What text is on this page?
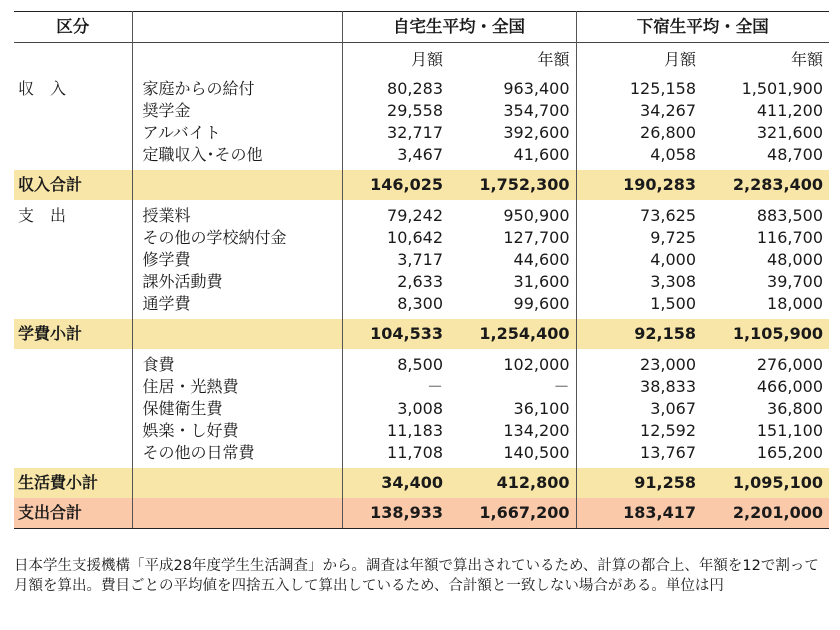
区分		自宅生平均・全国		下宿生平均・全国	
		月額	年額	月額	年額
収　入	家庭からの給付	80,283	963,400	125,158	1,501,900
	奨学金	29,558	354,700	34,267	411,200
	アルバイト	32,717	392,600	26,800	321,600
	定職収入･その他	3,467	41,600	4,058	48,700
収入合計		146,025	1,752,300	190,283	2,283,400
支　出	授業料	79,242	950,900	73,625	883,500
	その他の学校納付金	10,642	127,700	9,725	116,700
	修学費	3,717	44,600	4,000	48,000
	課外活動費	2,633	31,600	3,308	39,700
	通学費	8,300	99,600	1,500	18,000
学費小計		104,533	1,254,400	92,158	1,105,900
	食費	8,500	102,000	23,000	276,000
	住居・光熱費	－	－	38,833	466,000
	保健衛生費	3,008	36,100	3,067	36,800
	娯楽・し好費	11,183	134,200	12,592	151,100
	その他の日常費	11,708	140,500	13,767	165,200
生活費小計		34,400	412,800	91,258	1,095,100
支出合計		138,933	1,667,200	183,417	2,201,000

日本学生支援機構「平成28年度学生生活調査」から。調査は年額で算出されているため、計算の都合上、年額を12で割って月額を算出。費目ごとの平均値を四捨五入して算出しているため、合計額と一致しない場合がある。単位は円
